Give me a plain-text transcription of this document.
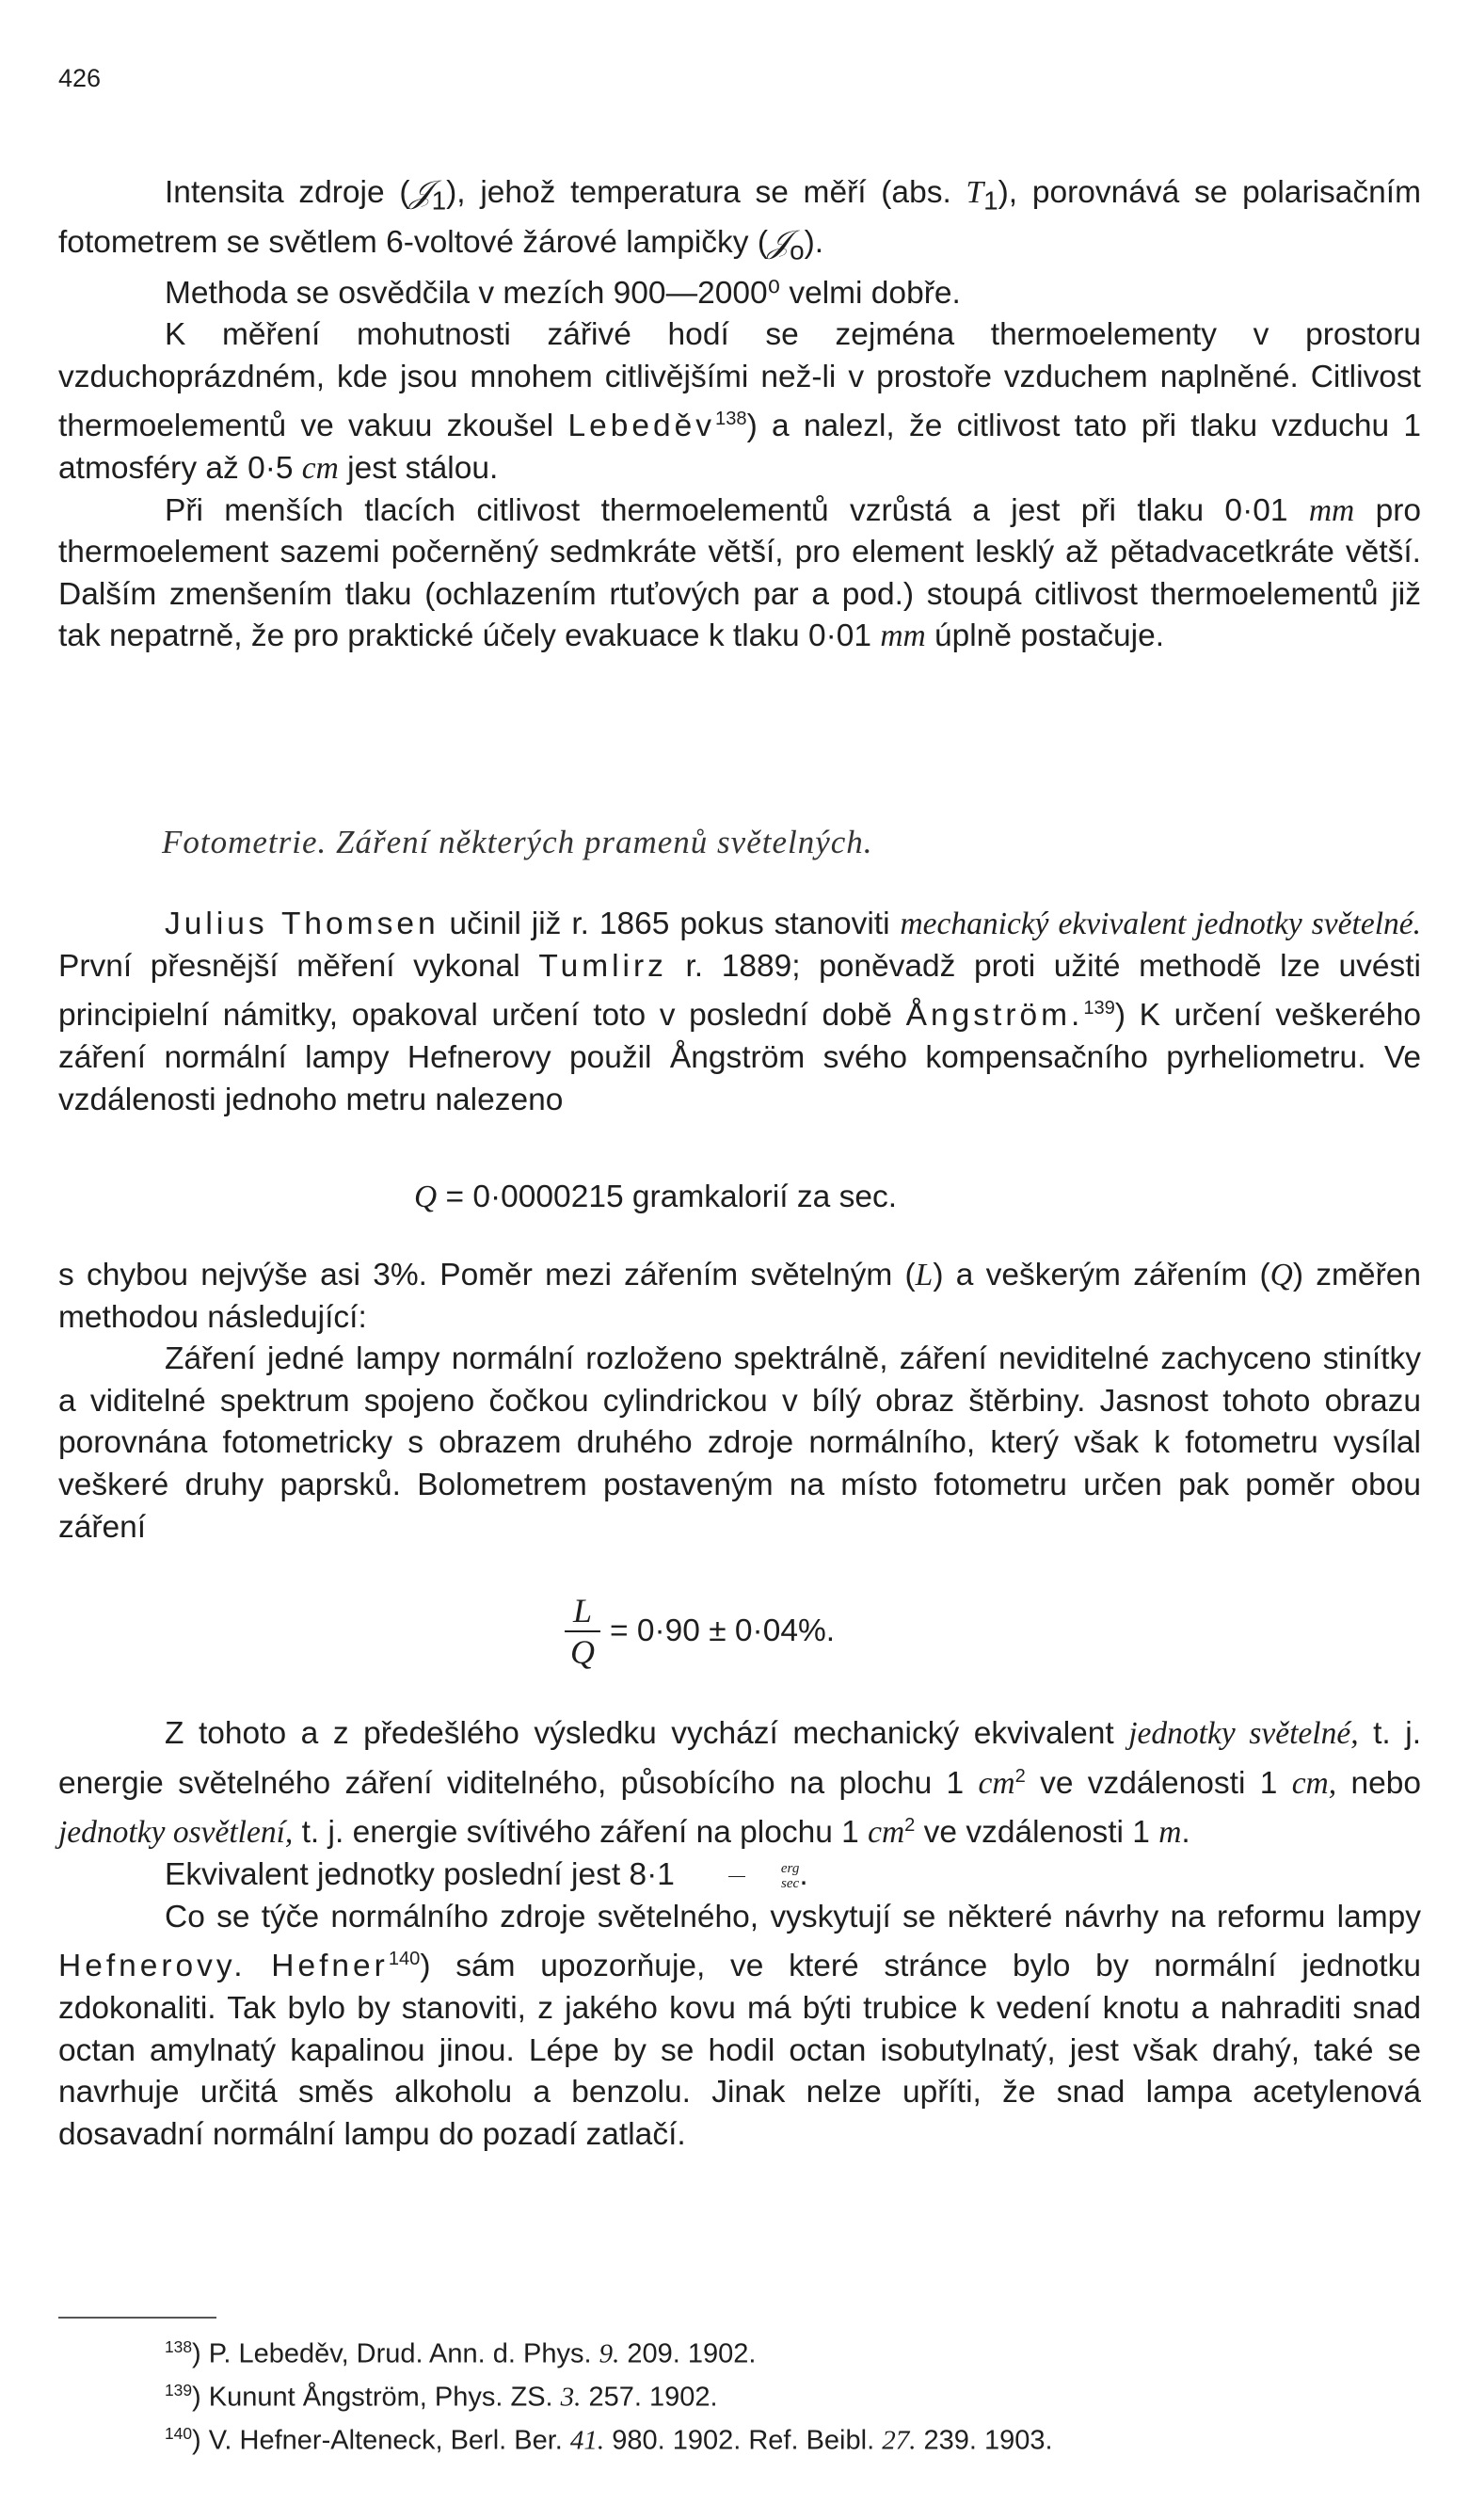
426

Intensita zdroje (𝒥$_1$), jehož temperatura se měří (abs. $T_1$), porovnává se polarisačním fotometrem se světlem 6-voltové žárové lampičky (𝒥$_o$).

Methoda se osvědčila v mezích 900—2000⁰ velmi dobře.

K měření mohutnosti zářivé hodí se zejména thermoelementy v prostoru vzduchoprázdném, kde jsou mnohem citlivějšími než-li v prostoře vzduchem naplněné. Citlivost thermoelementů ve vakuu zkoušel Lebeděv$^{138}$) a nalezl, že citlivost tato při tlaku vzduchu 1 atmosféry až 0·5 cm jest stálou.

Při menších tlacích citlivost thermoelementů vzrůstá a jest při tlaku 0·01 mm pro thermoelement sazemi počerněný sedmkráte větší, pro element lesklý až pětadvacetkráte větší. Dalším zmenšením tlaku (ochlazením rtuťových par a pod.) stoupá citlivost thermoelementů již tak nepatrně, že pro praktické účely evakuace k tlaku 0·01 mm úplně postačuje.

Fotometrie. Záření některých pramenů světelných.

Julius Thomsen učinil již r. 1865 pokus stanoviti mechanický ekvivalent jednotky světelné. První přesnější měření vykonal Tumlirz r. 1889; poněvadž proti užité methodě lze uvésti principielní námitky, opakoval určení toto v poslední době Ångström.$^{139}$) K určení veškerého záření normální lampy Hefnerovy použil Ångström svého kompensačního pyrheliometru. Ve vzdálenosti jednoho metru nalezeno

Q = 0·0000215 gramkalorií za sec.

s chybou nejvýše asi 3%. Poměr mezi zářením světelným (L) a veškerým zářením (Q) změřen methodou následující:

Záření jedné lampy normální rozloženo spektrálně, záření neviditelné zachyceno stinítky a viditelné spektrum spojeno čočkou cylindrickou v bílý obraz štěrbiny. Jasnost tohoto obrazu porovnána fotometricky s obrazem druhého zdroje normálního, který však k fotometru vysílal veškeré druhy paprsků. Bolometrem postaveným na místo fotometru určen pak poměr obou záření

$\frac{L}{Q} = 0\cdot 90 \pm 0\cdot 04\%$.

Z tohoto a z předešlého výsledku vychází mechanický ekvivalent jednotky světelné, t. j. energie světelného záření viditelného, působícího na plochu 1 $cm^2$ ve vzdálenosti 1 cm, nebo jednotky osvětlení, t. j. energie svítivého záření na plochu 1 $cm^2$ ve vzdálenosti 1 m.

Ekvivalent jednotky poslední jest 8·1	erg
sec .

Co se týče normálního zdroje světelného, vyskytují se některé návrhy na reformu lampy Hefnerovy. Hefner$^{140}$) sám upozorňuje, ve které stránce bylo by normální jednotku zdokonaliti. Tak bylo by stanoviti, z jakého kovu má býti trubice k vedení knotu a nahraditi snad octan amylnatý kapalinou jinou. Lépe by se hodil octan isobutylnatý, jest však drahý, také se navrhuje určitá směs alkoholu a benzolu. Jinak nelze upříti, že snad lampa acetylenová dosavadní normální lampu do pozadí zatlačí.

$^{138}$) P. Lebeděv, Drud. Ann. d. Phys. 9. 209. 1902.

$^{139}$) Kununt Ångström, Phys. ZS. 3. 257. 1902.

$^{140}$) V. Hefner-Alteneck, Berl. Ber. 41. 980. 1902. Ref. Beibl. 27. 239. 1903.
